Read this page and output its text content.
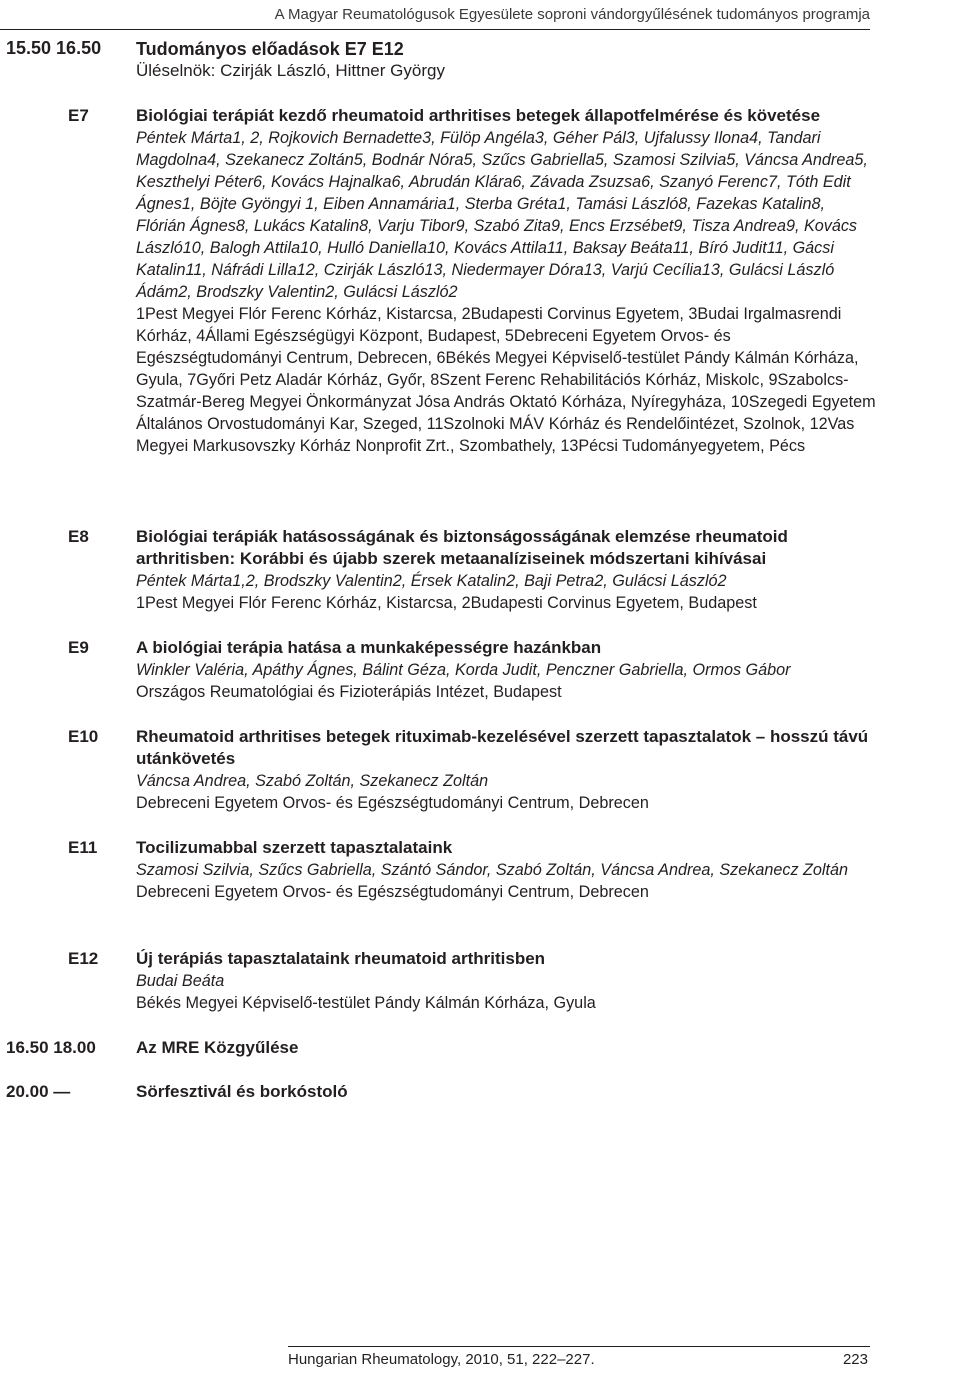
A Magyar Reumatológusok Egyesülete soproni vándorgyűlésének tudományos programja
15.50 16.50 Tudományos előadások E7 E12
Üléselnök: Czirják László, Hittner György
E7	Biológiai terápiát kezdő rheumatoid arthritises betegek állapotfelmérése és követése
Péntek Márta1, 2, Rojkovich Bernadette3, Fülöp Angéla3, Géher Pál3, Ujfalussy Ilona4, Tandari Magdolna4, Szekanecz Zoltán5, Bodnár Nóra5, Szűcs Gabriella5, Szamosi Szilvia5, Váncsa Andrea5, Keszthelyi Péter6, Kovács Hajnalka6, Abrudán Klára6, Závada Zsuzsa6, Szanyó Ferenc7, Tóth Edit Ágnes1, Böjte Gyöngyi 1, Eiben Annamária1, Sterba Gréta1, Tamási László8, Fazekas Katalin8, Flórián Ágnes8, Lukács Katalin8, Varju Tibor9, Szabó Zita9, Encs Erzsébet9, Tisza Andrea9, Kovács László10, Balogh Attila10, Hulló Daniella10, Kovács Attila11, Baksay Beáta11, Bíró Judit11, Gácsi Katalin11, Náfrádi Lilla12, Czirják László13, Niedermayer Dóra13, Varjú Cecília13, Gulácsi László Ádám2, Brodszky Valentin2, Gulácsi László2
1Pest Megyei Flór Ferenc Kórház, Kistarcsa, 2Budapesti Corvinus Egyetem, 3Budai Irgalmasrendi Kórház, 4Állami Egészségügyi Központ, Budapest, 5Debreceni Egyetem Orvos- és Egészségtudományi Centrum, Debrecen, 6Békés Megyei Képviselő-testület Pándy Kálmán Kórháza, Gyula, 7Győri Petz Aladár Kórház, Győr, 8Szent Ferenc Rehabilitációs Kórház, Miskolc, 9Szabolcs-Szatmár-Bereg Megyei Önkormányzat Jósa András Oktató Kórháza, Nyíregyháza, 10Szegedi Egyetem Általános Orvostudományi Kar, Szeged, 11Szolnoki MÁV Kórház és Rendelőintézet, Szolnok, 12Vas Megyei Markusovszky Kórház Nonprofit Zrt., Szombathely, 13Pécsi Tudományegyetem, Pécs
E8	Biológiai terápiák hatásosságának és biztonságosságának elemzése rheumatoid arthritisben: Korábbi és újabb szerek metaanalíziseinek módszertani kihívásai
Péntek Márta1,2, Brodszky Valentin2, Érsek Katalin2, Baji Petra2, Gulácsi László2
1Pest Megyei Flór Ferenc Kórház, Kistarcsa, 2Budapesti Corvinus Egyetem, Budapest
E9	A biológiai terápia hatása a munkaképességre hazánkban
Winkler Valéria, Apáthy Ágnes, Bálint Géza, Korda Judit, Penczner Gabriella, Ormos Gábor
Országos Reumatológiai és Fizioterápiás Intézet, Budapest
E10 Rheumatoid arthritises betegek rituximab-kezelésével szerzett tapasztalatok – hosszú távú utánkövetés
Váncsa Andrea, Szabó Zoltán, Szekanecz Zoltán
Debreceni Egyetem Orvos- és Egészségtudományi Centrum, Debrecen
E11 Tocilizumabbal szerzett tapasztalataink
Szamosi Szilvia, Szűcs Gabriella, Szántó Sándor, Szabó Zoltán, Váncsa Andrea, Szekanecz Zoltán
Debreceni Egyetem Orvos- és Egészségtudományi Centrum, Debrecen
E12 Új terápiás tapasztalataink rheumatoid arthritisben
Budai Beáta
Békés Megyei Képviselő-testület Pándy Kálmán Kórháza, Gyula
16.50 18.00 Az MRE Közgyűlése
20.00 —	Sörfesztivál és borkóstoló
Hungarian Rheumatology, 2010, 51, 222–227.	223
